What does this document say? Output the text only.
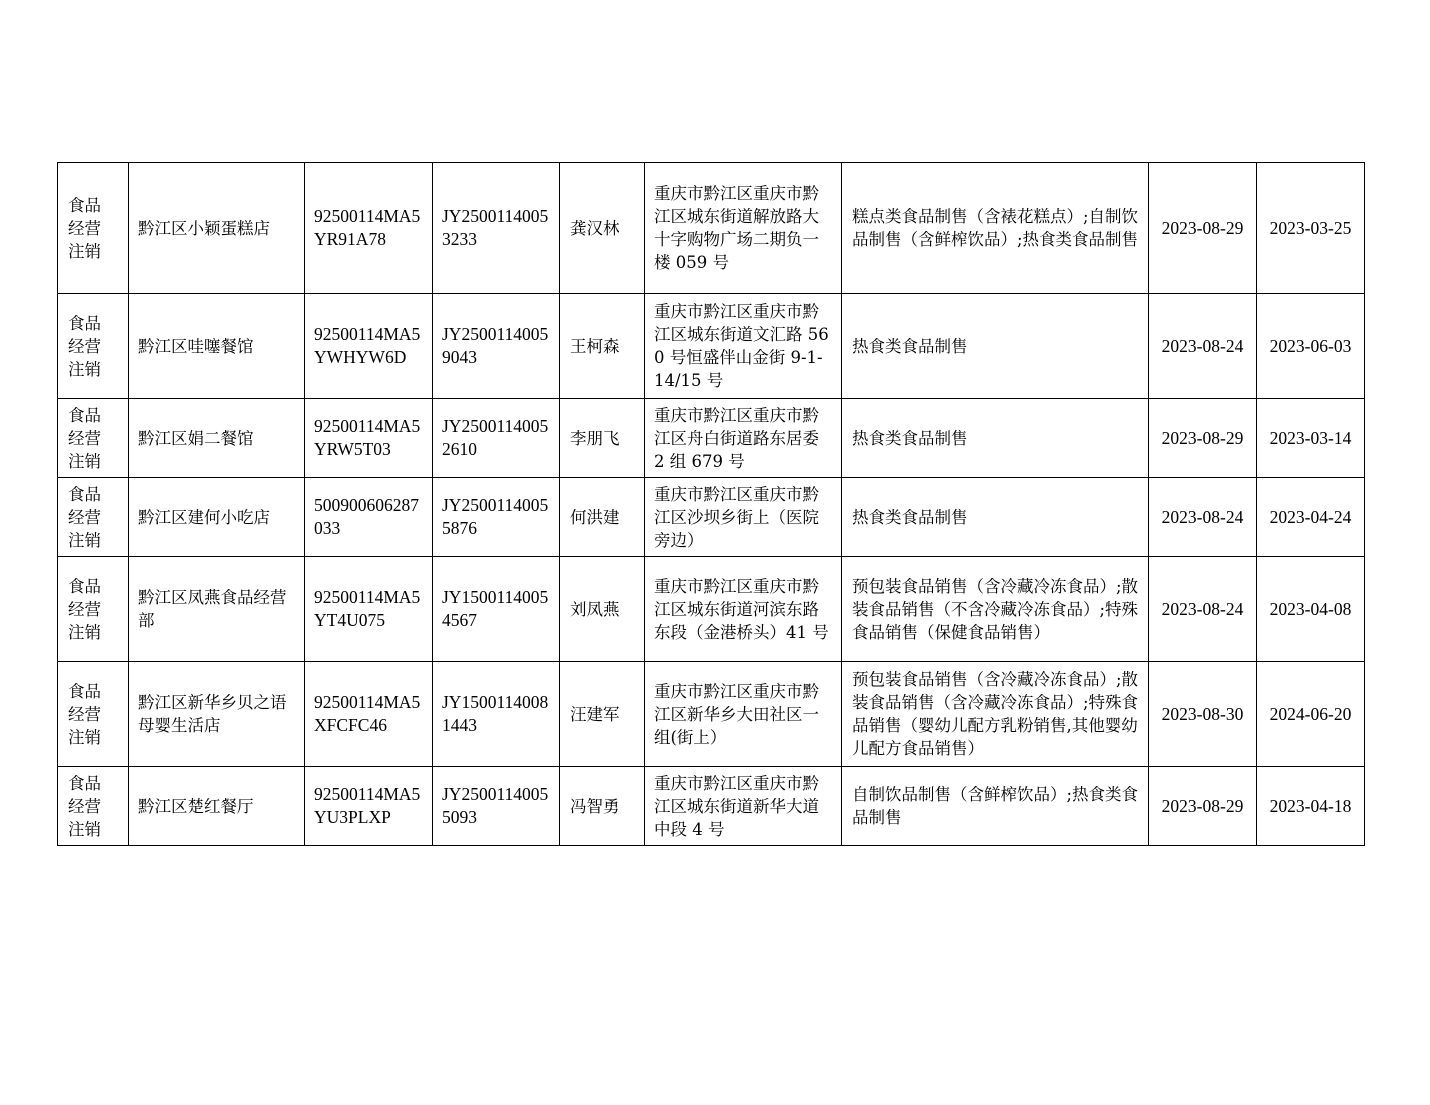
食品经营注销	黔江区小颖蛋糕店	92500114MA5YR91A78	JY25001140053233	龚汉林	重庆市黔江区重庆市黔江区城东街道解放路大十字购物广场二期负一楼 059 号	糕点类食品制售（含裱花糕点）;自制饮品制售（含鲜榨饮品）;热食类食品制售	2023-08-29	2023-03-25

食品经营注销	黔江区哇噻餐馆	92500114MA5YWHYW6D	JY25001140059043	王柯森	重庆市黔江区重庆市黔江区城东街道文汇路 560 号恒盛伴山金街 9-1-14/15 号	热食类食品制售	2023-08-24	2023-06-03

食品经营注销	黔江区娟二餐馆	92500114MA5YRW5T03	JY25001140052610	李朋飞	重庆市黔江区重庆市黔江区舟白街道路东居委 2 组 679 号	热食类食品制售	2023-08-29	2023-03-14

食品经营注销	黔江区建何小吃店	500900606287033	JY25001140055876	何洪建	重庆市黔江区重庆市黔江区沙坝乡街上（医院旁边）	热食类食品制售	2023-08-24	2023-04-24

食品经营注销	黔江区凤燕食品经营部	92500114MA5YT4U075	JY15001140054567	刘凤燕	重庆市黔江区重庆市黔江区城东街道河滨东路东段（金港桥头）41 号	预包装食品销售（含冷藏冷冻食品）;散装食品销售（不含冷藏冷冻食品）;特殊食品销售（保健食品销售）	2023-08-24	2023-04-08

食品经营注销	黔江区新华乡贝之语母婴生活店	92500114MA5XFCFC46	JY15001140081443	汪建军	重庆市黔江区重庆市黔江区新华乡大田社区一组(街上）	预包装食品销售（含冷藏冷冻食品）;散装食品销售（含冷藏冷冻食品）;特殊食品销售（婴幼儿配方乳粉销售,其他婴幼儿配方食品销售）	2023-08-30	2024-06-20

食品经营注销	黔江区楚红餐厅	92500114MA5YU3PLXP	JY25001140055093	冯智勇	重庆市黔江区重庆市黔江区城东街道新华大道中段 4 号	自制饮品制售（含鲜榨饮品）;热食类食品制售	2023-08-29	2023-04-18
